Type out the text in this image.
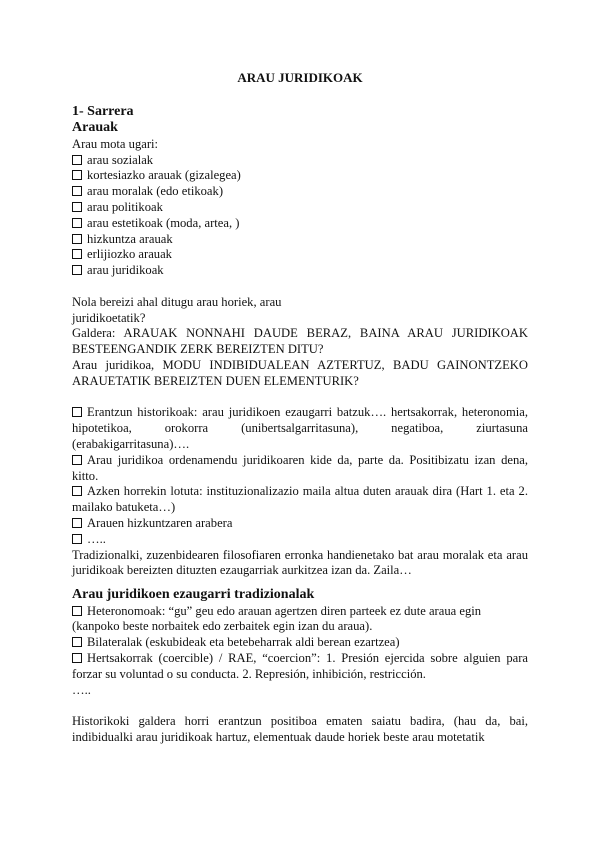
ARAU JURIDIKOAK

1- Sarrera
Arauak

Arau mota ugari:

arau sozialak
kortesiazko arauak (gizalegea)
arau moralak (edo etikoak)
arau politikoak
arau estetikoak (moda, artea, )
hizkuntza arauak
erlijiozko arauak
arau juridikoak

Nola bereizi ahal ditugu arau horiek, arau

juridikoetatik?

Galdera: ARAUAK NONNAHI DAUDE BERAZ, BAINA ARAU JURIDIKOAK BESTEENGANDIK ZERK BEREIZTEN DITU?

Arau juridikoa, MODU INDIBIDUALEAN AZTERTUZ, BADU GAINONTZEKO ARAUETATIK BEREIZTEN DUEN ELEMENTURIK?

Erantzun historikoak: arau juridikoen ezaugarri batzuk…. hertsakorrak, heteronomia, hipotetikoa, orokorra (unibertsalgarritasuna), negatiboa, ziurtasuna (erabakigarritasuna)….

Arau juridikoa ordenamendu juridikoaren kide da, parte da. Positibizatu izan dena, kitto.

Azken horrekin lotuta: instituzionalizazio maila altua duten arauak dira (Hart 1. eta 2. mailako batuketa…)

Arauen hizkuntzaren arabera

…..

Tradizionalki, zuzenbidearen filosofiaren erronka handienetako bat arau moralak eta arau juridikoak bereizten dituzten ezaugarriak aurkitzea izan da. Zaila…

Arau juridikoen ezaugarri tradizionalak

Heteronomoak: “gu” geu edo arauan agertzen diren parteek ez dute araua egin (kanpoko beste norbaitek edo zerbaitek egin izan du araua).

Bilateralak (eskubideak eta betebeharrak aldi berean ezartzea)

Hertsakorrak (coercible) / RAE, “coercion”: 1. Presión ejercida sobre alguien para forzar su voluntad o su conducta. 2. Represión, inhibición, restricción.

…..

Historikoki galdera horri erantzun positiboa ematen saiatu badira, (hau da, bai, indibidualki arau juridikoak hartuz, elementuak daude horiek beste arau motetatik
